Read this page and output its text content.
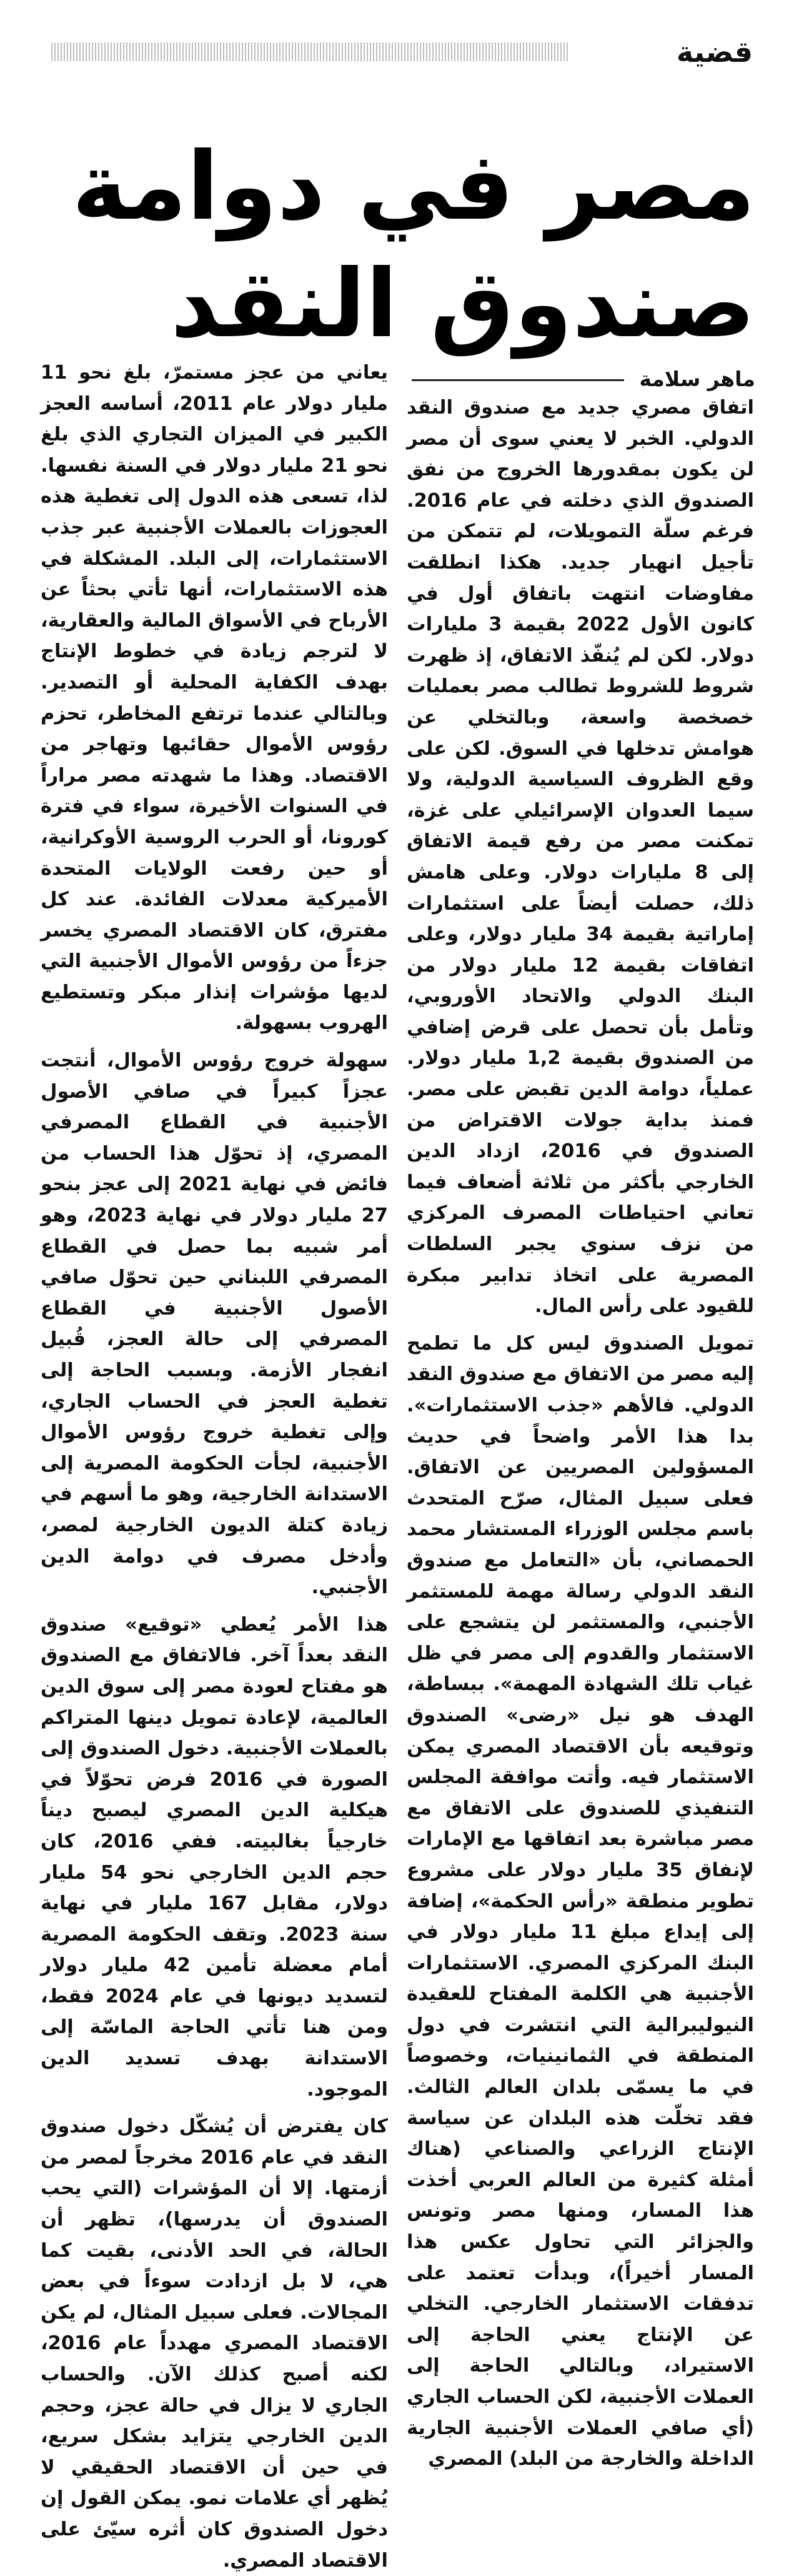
قضية
مصر في دوامة
صندوق النقد
ماهر سلامة

اتفاق مصري جديد مع صندوق النقد الدولي. الخبر لا يعني سوى أن مصر لن يكون بمقدورها الخروج من نفق الصندوق الذي دخلته في عام 2016. فرغم سلّة التمويلات، لم تتمكن من تأجيل انهيار جديد. هكذا انطلقت مفاوضات انتهت باتفاق أول في كانون الأول 2022 بقيمة 3 مليارات دولار. لكن لم يُنفّذ الاتفاق، إذ ظهرت شروط للشروط تطالب مصر بعمليات خصخصة واسعة، وبالتخلي عن هوامش تدخلها في السوق. لكن على وقع الظروف السياسية الدولية، ولا سيما العدوان الإسرائيلي على غزة، تمكنت مصر من رفع قيمة الاتفاق إلى 8 مليارات دولار. وعلى هامش ذلك، حصلت أيضاً على استثمارات إماراتية بقيمة 34 مليار دولار، وعلى اتفاقات بقيمة 12 مليار دولار من البنك الدولي والاتحاد الأوروبي، وتأمل بأن تحصل على قرض إضافي من الصندوق بقيمة 1,2 مليار دولار. عملياً، دوامة الدين تقبض على مصر. فمنذ بداية جولات الاقتراض من الصندوق في 2016، ازداد الدين الخارجي بأكثر من ثلاثة أضعاف فيما تعاني احتياطات المصرف المركزي من نزف سنوي يجبر السلطات المصرية على اتخاذ تدابير مبكرة للقيود على رأس المال.

تمويل الصندوق ليس كل ما تطمح إليه مصر من الاتفاق مع صندوق النقد الدولي. فالأهم «جذب الاستثمارات». بدا هذا الأمر واضحاً في حديث المسؤولين المصريين عن الاتفاق. فعلى سبيل المثال، صرّح المتحدث باسم مجلس الوزراء المستشار محمد الحمصاني، بأن «التعامل مع صندوق النقد الدولي رسالة مهمة للمستثمر الأجنبي، والمستثمر لن يتشجع على الاستثمار والقدوم إلى مصر في ظل غياب تلك الشهادة المهمة». ببساطة، الهدف هو نيل «رضى» الصندوق وتوقيعه بأن الاقتصاد المصري يمكن الاستثمار فيه. وأتت موافقة المجلس التنفيذي للصندوق على الاتفاق مع مصر مباشرة بعد اتفاقها مع الإمارات لإنفاق 35 مليار دولار على مشروع تطوير منطقة «رأس الحكمة»، إضافة إلى إيداع مبلغ 11 مليار دولار في البنك المركزي المصري. الاستثمارات الأجنبية هي الكلمة المفتاح للعقيدة النيوليبرالية التي انتشرت في دول المنطقة في الثمانينيات، وخصوصاً في ما يسمّى بلدان العالم الثالث. فقد تخلّت هذه البلدان عن سياسة الإنتاج الزراعي والصناعي (هناك أمثلة كثيرة من العالم العربي أخذت هذا المسار، ومنها مصر وتونس والجزائر التي تحاول عكس هذا المسار أخيراً)، وبدأت تعتمد على تدفقات الاستثمار الخارجي. التخلي عن الإنتاج يعني الحاجة إلى الاستيراد، وبالتالي الحاجة إلى العملات الأجنبية، لكن الحساب الجاري (أي صافي العملات الأجنبية الجارية الداخلة والخارجة من البلد) المصري

يعاني من عجز مستمرّ، بلغ نحو 11 مليار دولار عام 2011، أساسه العجز الكبير في الميزان التجاري الذي بلغ نحو 21 مليار دولار في السنة نفسها. لذا، تسعى هذه الدول إلى تغطية هذه العجوزات بالعملات الأجنبية عبر جذب الاستثمارات، إلى البلد. المشكلة في هذه الاستثمارات، أنها تأتي بحثاً عن الأرباح في الأسواق المالية والعقارية، لا لترجم زيادة في خطوط الإنتاج بهدف الكفاية المحلية أو التصدير. وبالتالي عندما ترتفع المخاطر، تحزم رؤوس الأموال حقائبها وتهاجر من الاقتصاد. وهذا ما شهدته مصر مراراً في السنوات الأخيرة، سواء في فترة كورونا، أو الحرب الروسية الأوكرانية، أو حين رفعت الولايات المتحدة الأميركية معدلات الفائدة. عند كل مفترق، كان الاقتصاد المصري يخسر جزءاً من رؤوس الأموال الأجنبية التي لديها مؤشرات إنذار مبكر وتستطيع الهروب بسهولة.

سهولة خروج رؤوس الأموال، أنتجت عجزاً كبيراً في صافي الأصول الأجنبية في القطاع المصرفي المصري، إذ تحوّل هذا الحساب من فائض في نهاية 2021 إلى عجز بنحو 27 مليار دولار في نهاية 2023، وهو أمر شبيه بما حصل في القطاع المصرفي اللبناني حين تحوّل صافي الأصول الأجنبية في القطاع المصرفي إلى حالة العجز، قُبيل انفجار الأزمة. وبسبب الحاجة إلى تغطية العجز في الحساب الجاري، وإلى تغطية خروج رؤوس الأموال الأجنبية، لجأت الحكومة المصرية إلى الاستدانة الخارجية، وهو ما أسهم في زيادة كتلة الديون الخارجية لمصر، وأدخل مصرف في دوامة الدين الأجنبي.

هذا الأمر يُعطي «توقيع» صندوق النقد بعداً آخر. فالاتفاق مع الصندوق هو مفتاح لعودة مصر إلى سوق الدين العالمية، لإعادة تمويل دينها المتراكم بالعملات الأجنبية. دخول الصندوق إلى الصورة في 2016 فرض تحوّلاً في هيكلية الدين المصري ليصبح ديناً خارجياً بغالبيته. ففي 2016، كان حجم الدين الخارجي نحو 54 مليار دولار، مقابل 167 مليار في نهاية سنة 2023. وتقف الحكومة المصرية أمام معضلة تأمين 42 مليار دولار لتسديد ديونها في عام 2024 فقط، ومن هنا تأتي الحاجة الماسّة إلى الاستدانة بهدف تسديد الدين الموجود.

كان يفترض أن يُشكّل دخول صندوق النقد في عام 2016 مخرجاً لمصر من أزمتها. إلا أن المؤشرات (التي يحب الصندوق أن يدرسها)، تظهر أن الحالة، في الحد الأدنى، بقيت كما هي، لا بل ازدادت سوءاً في بعض المجالات. فعلى سبيل المثال، لم يكن الاقتصاد المصري مهدداً عام 2016، لكنه أصبح كذلك الآن. والحساب الجاري لا يزال في حالة عجز، وحجم الدين الخارجي يتزايد بشكل سريع، في حين أن الاقتصاد الحقيقي لا يُظهر أي علامات نمو. يمكن القول إن دخول الصندوق كان أثره سيّئ على الاقتصاد المصري.
